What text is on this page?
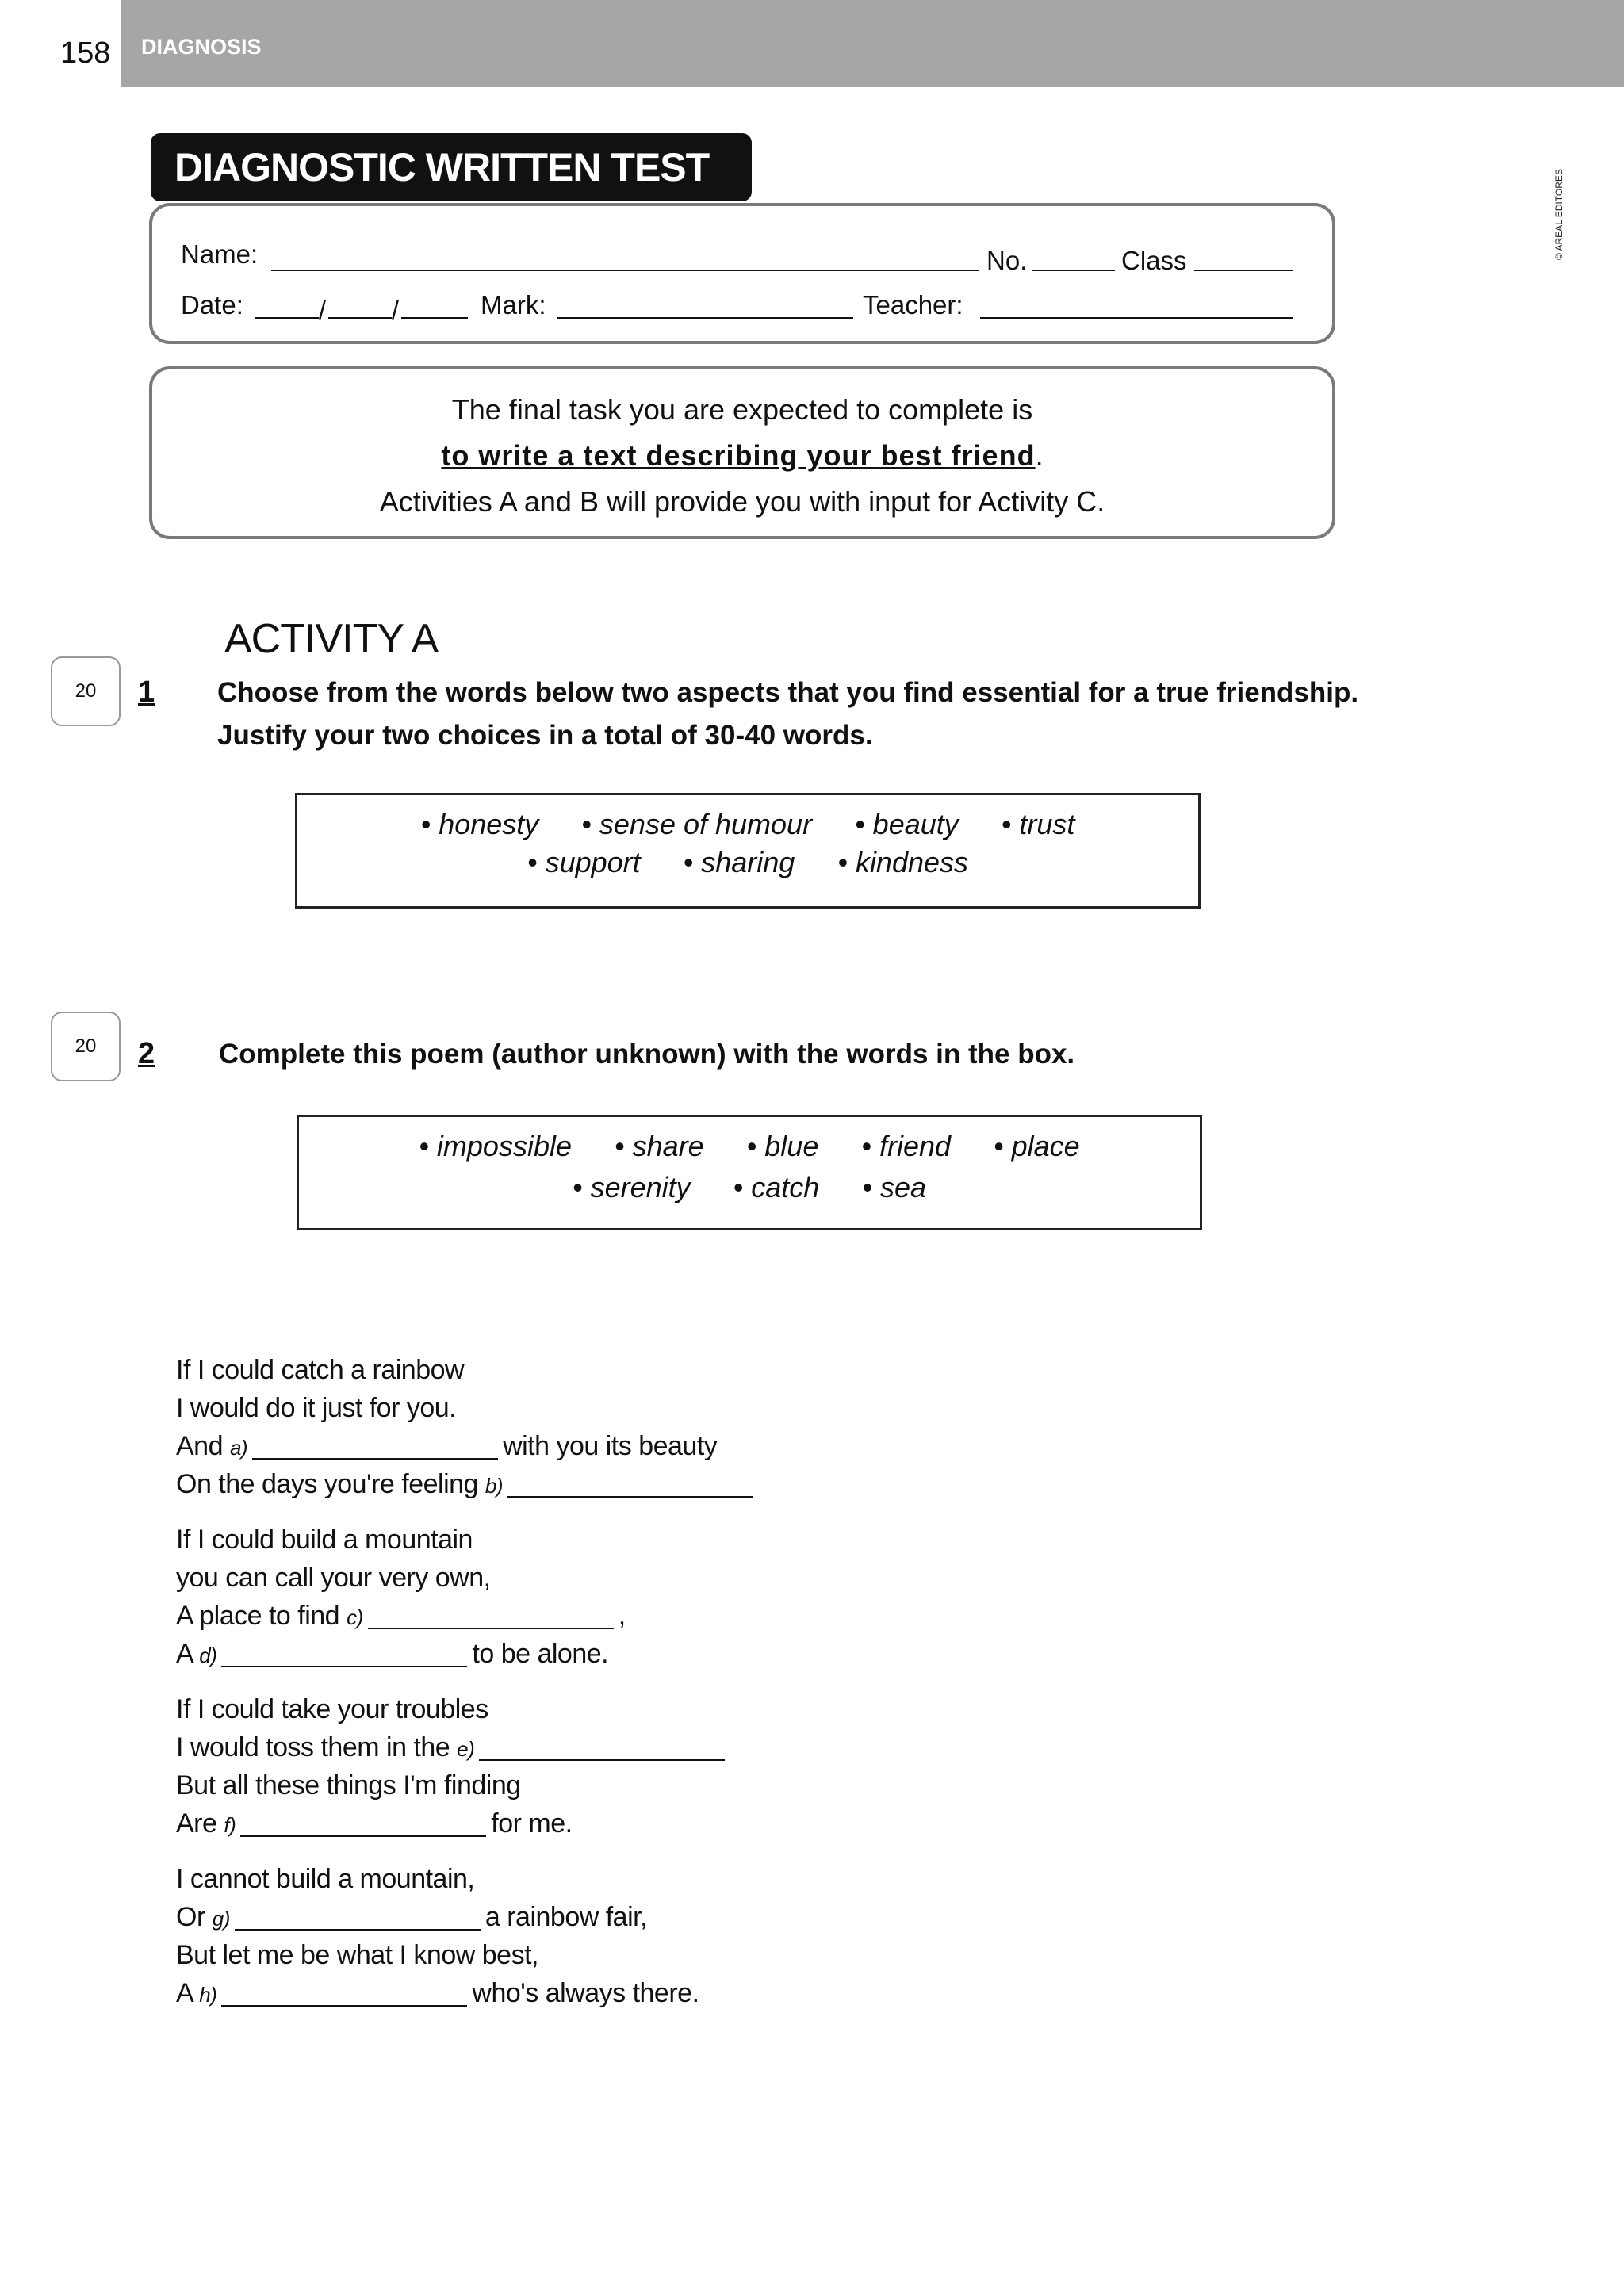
158 DIAGNOSIS
© AREAL EDITORES
DIAGNOSTIC WRITTEN TEST
Name:	No.	Class
Date:	/	/	Mark:	Teacher:
The final task you are expected to complete is
to write a text describing your best friend.
Activities A and B will provide you with input for Activity C.
ACTIVITY A
20	1 Choose from the words below two aspects that you find essential for a true friendship.
Justify your two choices in a total of 30-40 words.
• honesty	• sense of humour	• beauty	• trust
• support	• sharing	• kindness
20	2 Complete this poem (author unknown) with the words in the box.
• impossible	• share	• blue	• friend	• place
• serenity	• catch	• sea
If I could catch a rainbow
I would do it just for you.
And a)	with you its beauty
On the days you're feeling b)
If I could build a mountain
you can call your very own,
A place to find c)	,
A d)	to be alone.
If I could take your troubles
I would toss them in the e)
But all these things I'm finding
Are f)	for me.
I cannot build a mountain,
Or g)	a rainbow fair,
But let me be what I know best,
A h)	who's always there.
